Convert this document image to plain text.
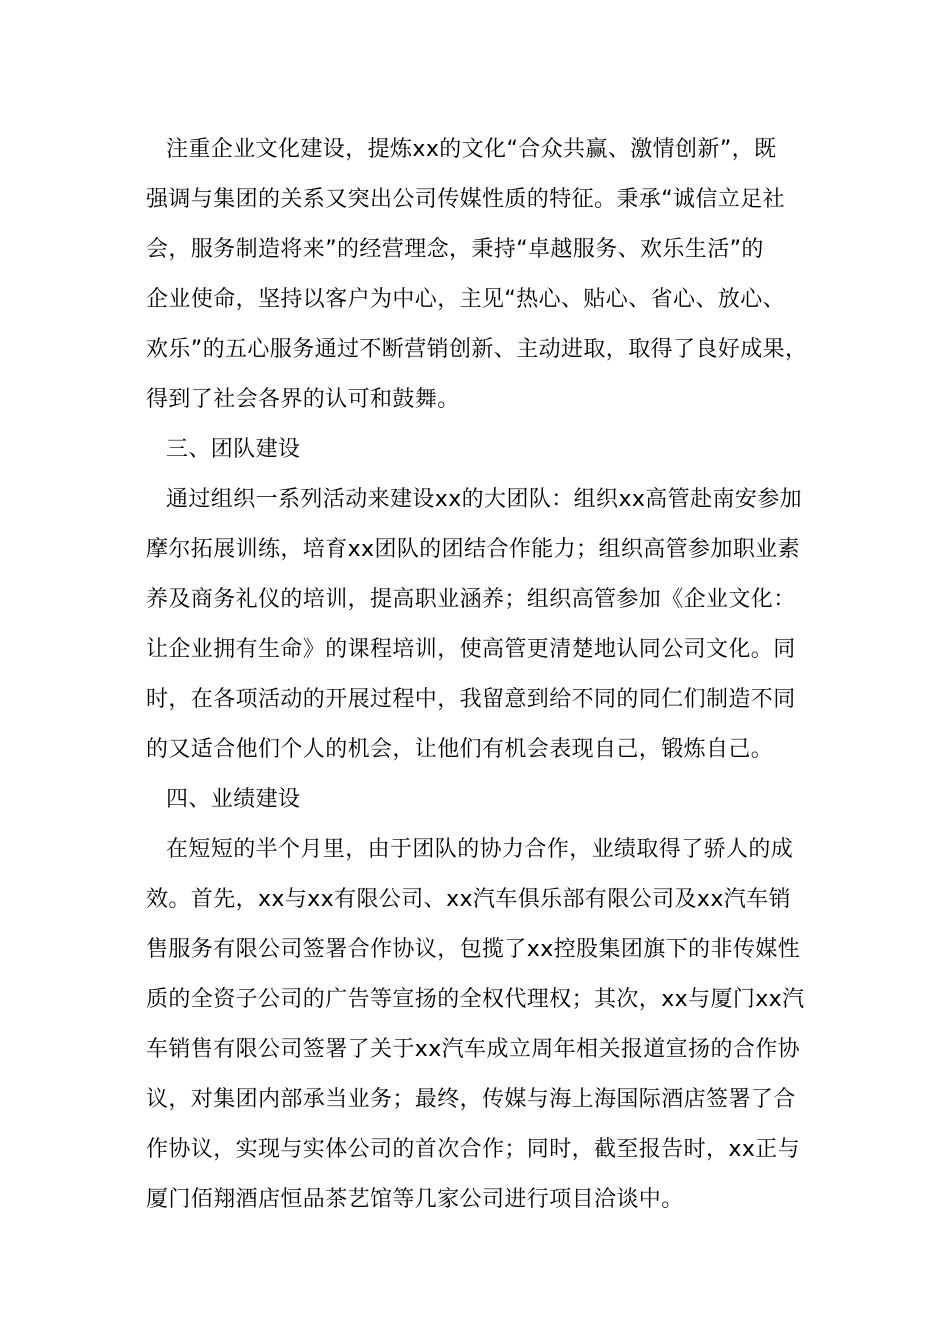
注重企业文化建设，提炼xx的文化“合众共赢、激情创新”，既
强调与集团的关系又突出公司传媒性质的特征。秉承“诚信立足社
会，服务制造将来”的经营理念，秉持“卓越服务、欢乐生活”的
企业使命，坚持以客户为中心，主见“热心、贴心、省心、放心、
欢乐”的五心服务通过不断营销创新、主动进取，取得了良好成果，
得到了社会各界的认可和鼓舞。
三、团队建设
通过组织一系列活动来建设xx的大团队：组织xx高管赴南安参加
摩尔拓展训练，培育xx团队的团结合作能力；组织高管参加职业素
养及商务礼仪的培训，提高职业涵养；组织高管参加《企业文化：
让企业拥有生命》的课程培训，使高管更清楚地认同公司文化。同
时，在各项活动的开展过程中，我留意到给不同的同仁们制造不同
的又适合他们个人的机会，让他们有机会表现自己，锻炼自己。
四、业绩建设
在短短的半个月里，由于团队的协力合作，业绩取得了骄人的成
效。首先，xx与xx有限公司、xx汽车俱乐部有限公司及xx汽车销
售服务有限公司签署合作协议，包揽了xx控股集团旗下的非传媒性
质的全资子公司的广告等宣扬的全权代理权；其次，xx与厦门xx汽
车销售有限公司签署了关于xx汽车成立周年相关报道宣扬的合作协
议，对集团内部承当业务；最终，传媒与海上海国际酒店签署了合
作协议，实现与实体公司的首次合作；同时，截至报告时，xx正与
厦门佰翔酒店恒品茶艺馆等几家公司进行项目洽谈中。
